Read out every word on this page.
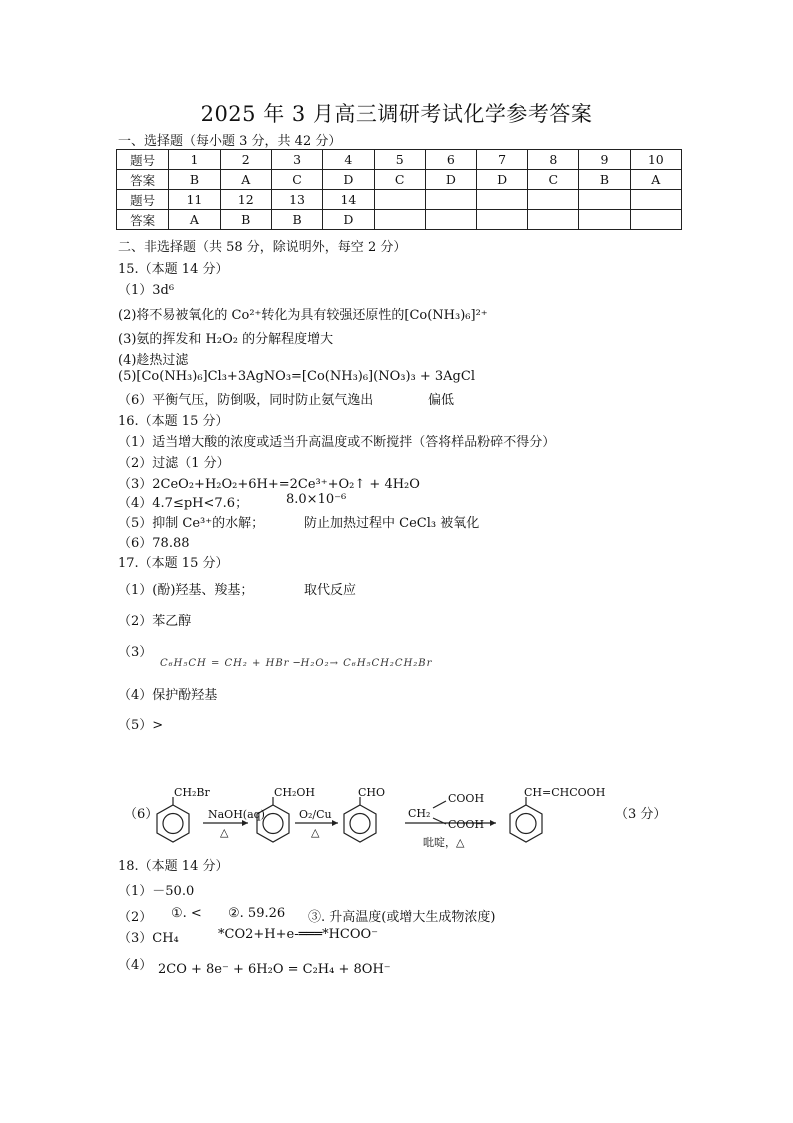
2025 年 3 月高三调研考试化学参考答案
一、选择题（每小题 3 分，共 42 分）
题号	1	2	3	4	5	6	7	8	9	10
答案	B	A	C	D	C	D	D	C	B	A
题号	11	12	13	14						
答案	A	B	B	D						
二、非选择题（共 58 分，除说明外，每空 2 分）
15.（本题 14 分）
（1）3d⁶
(2)将不易被氧化的 Co²⁺转化为具有较强还原性的[Co(NH₃)₆]²⁺
(3)氨的挥发和 H₂O₂ 的分解程度增大
(4)趁热过滤
(5)[Co(NH₃)₆]Cl₃+3AgNO₃=[Co(NH₃)₆](NO₃)₃ + 3AgCl
（6）平衡气压，防倒吸，同时防止氨气逸出	偏低
16.（本题 15 分）
（1）适当增大酸的浓度或适当升高温度或不断搅拌（答将样品粉碎不得分）
（2）过滤（1 分）
（3）2CeO₂+H₂O₂+6H+=2Ce³⁺+O₂↑ + 4H₂O
（4）4.7≤pH<7.6；	8.0×10⁻⁶
（5）抑制 Ce³⁺的水解；	防止加热过程中 CeCl₃ 被氧化
（6）78.88
17.（本题 15 分）
（1）(酚)羟基、羧基；	取代反应
（2）苯乙醇
（3）
C₆H₅CH = CH₂ + HBr ─H₂O₂→ C₆H₅CH₂CH₂Br
（4）保护酚羟基
（5）>
（6）
CH₂Br
NaOH(aq)
△
CH₂OH
O₂/Cu
△
CHO	COOH
CH₂
COOH
吡啶，△
CH=CHCOOH
（3 分）
18.（本题 14 分）
（1）－50.0
（2） ①. < ②. 59.26 ③. 升高温度(或增大生成物浓度)
（3）CH₄	*CO2+H+e-═══*HCOO⁻
（4） 2CO + 8e⁻ + 6H₂O = C₂H₄ + 8OH⁻
